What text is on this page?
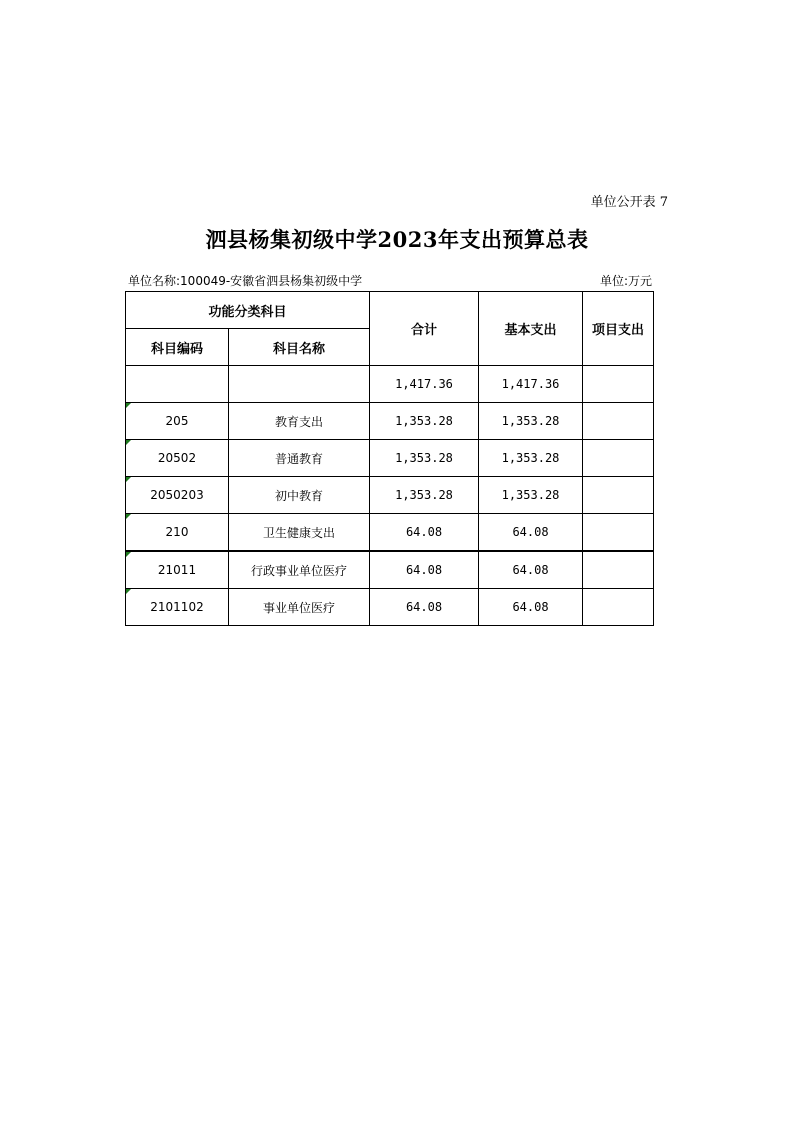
单位公开表 7
泗县杨集初级中学2023年支出预算总表
单位名称:100049-安徽省泗县杨集初级中学	单位:万元
功能分类科目		合计	基本支出	项目支出
科目编码	科目名称			
		1,417.36	1,417.36	

205	教育支出	1,353.28	1,353.28	

20502	普通教育	1,353.28	1,353.28	

2050203	初中教育	1,353.28	1,353.28	

210	卫生健康支出	64.08	64.08	

21011	行政事业单位医疗	64.08	64.08	

2101102	事业单位医疗	64.08	64.08	
